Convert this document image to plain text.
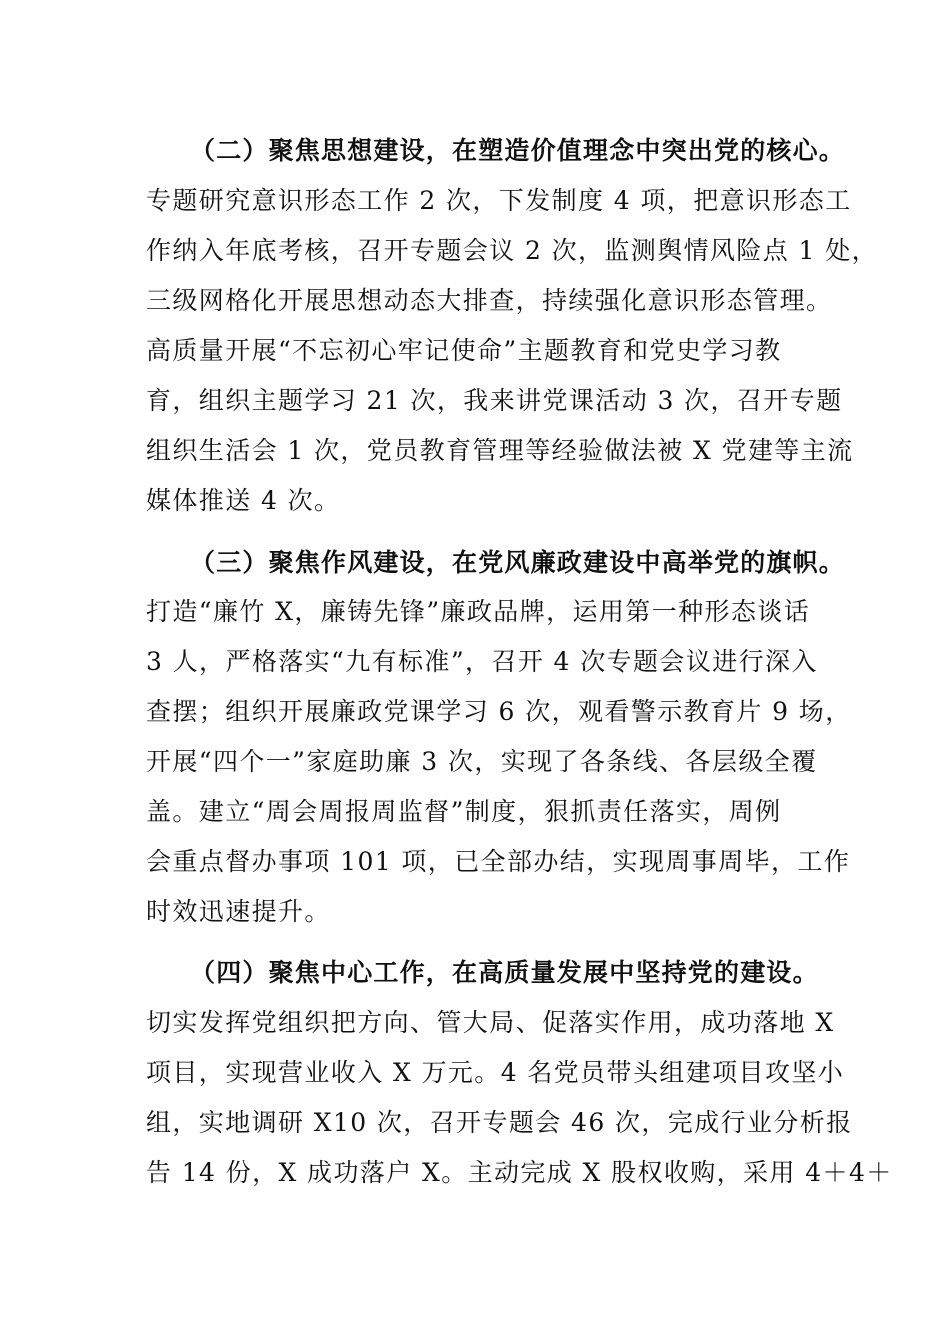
（二）聚焦思想建设，在塑造价值理念中突出党的核心。
专题研究意识形态工作 2 次，下发制度 4 项，把意识形态工
作纳入年底考核，召开专题会议 2 次，监测舆情风险点 1 处，
三级网格化开展思想动态大排查，持续强化意识形态管理。
高质量开展“不忘初心牢记使命”主题教育和党史学习教
育，组织主题学习 21 次，我来讲党课活动 3 次，召开专题
组织生活会 1 次，党员教育管理等经验做法被 X 党建等主流
媒体推送 4 次。
（三）聚焦作风建设，在党风廉政建设中高举党的旗帜。
打造“廉竹 X，廉铸先锋”廉政品牌，运用第一种形态谈话
3 人，严格落实“九有标准”，召开 4 次专题会议进行深入
查摆；组织开展廉政党课学习 6 次，观看警示教育片 9 场，
开展“四个一”家庭助廉 3 次，实现了各条线、各层级全覆
盖。建立“周会周报周监督”制度，狠抓责任落实，周例
会重点督办事项 101 项，已全部办结，实现周事周毕，工作
时效迅速提升。
（四）聚焦中心工作，在高质量发展中坚持党的建设。
切实发挥党组织把方向、管大局、促落实作用，成功落地 X
项目，实现营业收入 X 万元。4 名党员带头组建项目攻坚小
组，实地调研 X10 次，召开专题会 46 次，完成行业分析报
告 14 份，X 成功落户 X。主动完成 X 股权收购，采用 4＋4＋
